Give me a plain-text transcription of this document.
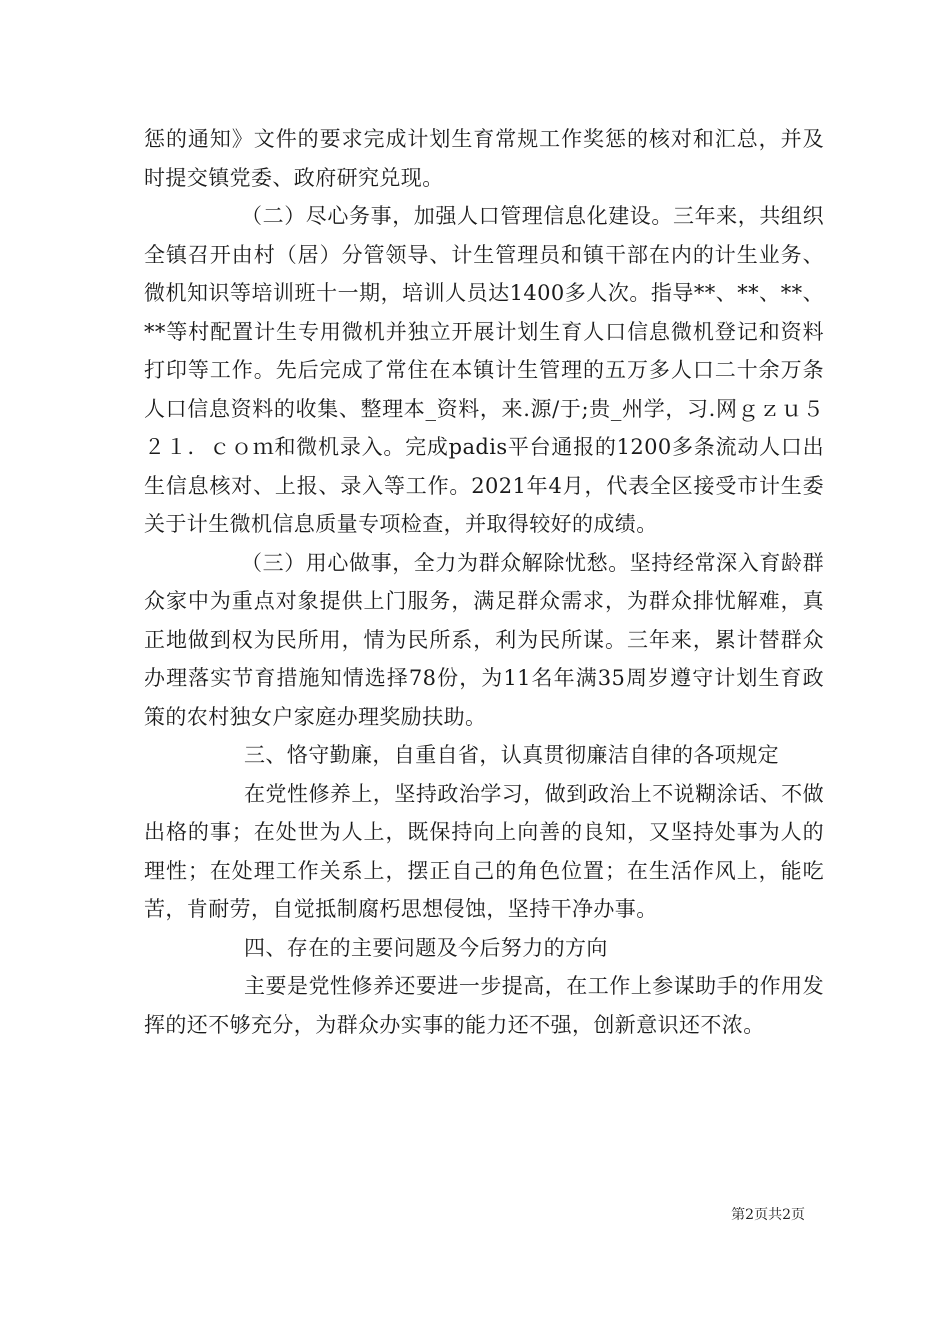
惩的通知》文件的要求完成计划生育常规工作奖惩的核对和汇总，并及时提交镇党委、政府研究兑现。

（二）尽心务事，加强人口管理信息化建设。三年来，共组织全镇召开由村（居）分管领导、计生管理员和镇干部在内的计生业务、微机知识等培训班十一期，培训人员达1400多人次。指导**、**、**、**等村配置计生专用微机并独立开展计划生育人口信息微机登记和资料打印等工作。先后完成了常住在本镇计生管理的五万多人口二十余万条人口信息资料的收集、整理本_资料，来.源/于;贵_州学，习.网ｇｚｕ５２１．ｃｏｍ和微机录入。完成padis平台通报的1200多条流动人口出生信息核对、上报、录入等工作。2021年4月，代表全区接受市计生委关于计生微机信息质量专项检查，并取得较好的成绩。

（三）用心做事，全力为群众解除忧愁。坚持经常深入育龄群众家中为重点对象提供上门服务，满足群众需求，为群众排忧解难，真正地做到权为民所用，情为民所系，利为民所谋。三年来，累计替群众办理落实节育措施知情选择78份，为11名年满35周岁遵守计划生育政策的农村独女户家庭办理奖励扶助。

三、恪守勤廉，自重自省，认真贯彻廉洁自律的各项规定

在党性修养上，坚持政治学习，做到政治上不说糊涂话、不做出格的事；在处世为人上，既保持向上向善的良知，又坚持处事为人的理性；在处理工作关系上，摆正自己的角色位置；在生活作风上，能吃苦，肯耐劳，自觉抵制腐朽思想侵蚀，坚持干净办事。

四、存在的主要问题及今后努力的方向

主要是党性修养还要进一步提高，在工作上参谋助手的作用发挥的还不够充分，为群众办实事的能力还不强，创新意识还不浓。

第2页共2页
